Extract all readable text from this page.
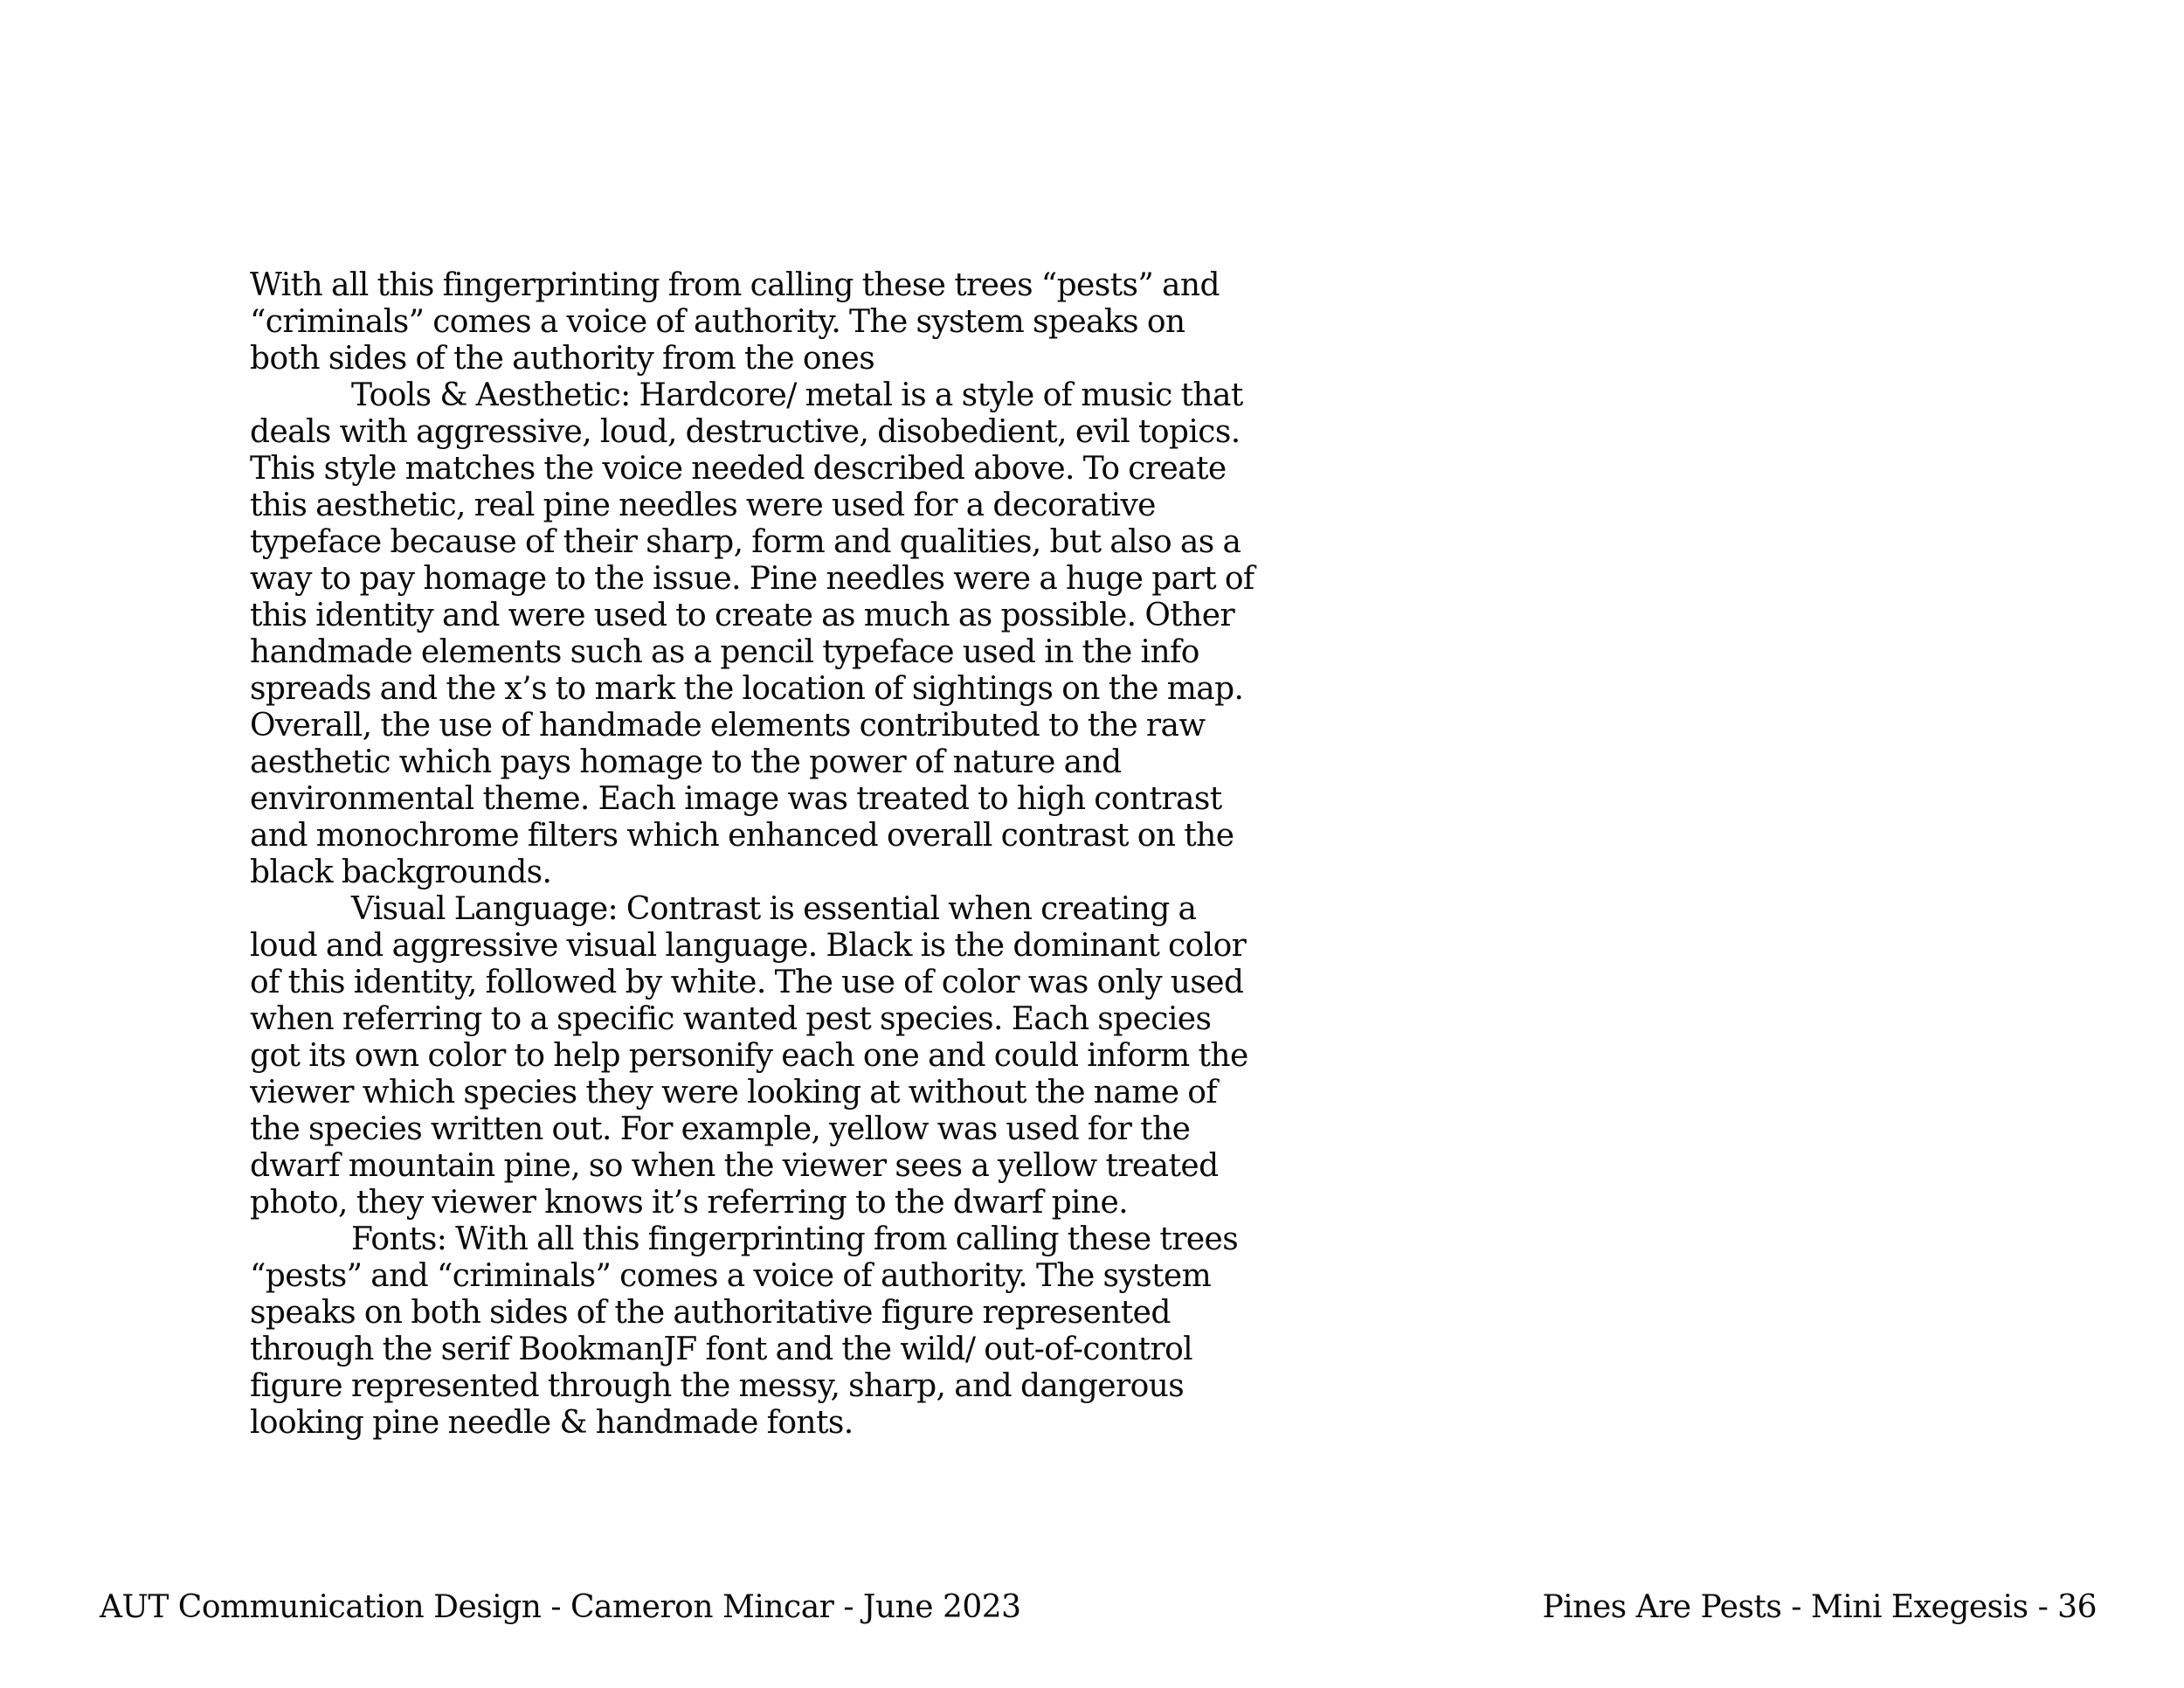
With all this fingerprinting from calling these trees “pests” and “criminals” comes a voice of authority. The system speaks on both sides of the authority from the ones

Tools & Aesthetic: Hardcore/ metal is a style of music that deals with aggressive, loud, destructive, disobedient, evil topics. This style matches the voice needed described above. To create this aesthetic, real pine needles were used for a decorative typeface because of their sharp, form and qualities, but also as a way to pay homage to the issue. Pine needles were a huge part of this identity and were used to create as much as possible. Other handmade elements such as a pencil typeface used in the info spreads and the x’s to mark the location of sightings on the map. Overall, the use of handmade elements contributed to the raw aesthetic which pays homage to the power of nature and environmental theme. Each image was treated to high contrast and monochrome filters which enhanced overall contrast on the black backgrounds.

Visual Language: Contrast is essential when creating a loud and aggressive visual language. Black is the dominant color of this identity, followed by white. The use of color was only used when referring to a specific wanted pest species. Each species got its own color to help personify each one and could inform the viewer which species they were looking at without the name of the species written out. For example, yellow was used for the dwarf mountain pine, so when the viewer sees a yellow treated photo, they viewer knows it’s referring to the dwarf pine.

Fonts: With all this fingerprinting from calling these trees “pests” and “criminals” comes a voice of authority. The system speaks on both sides of the authoritative figure represented through the serif BookmanJF font and the wild/ out-of-control figure represented through the messy, sharp, and dangerous looking pine needle & handmade fonts.

AUT Communication Design - Cameron Mincar - June 2023	Pines Are Pests - Mini Exegesis - 36
